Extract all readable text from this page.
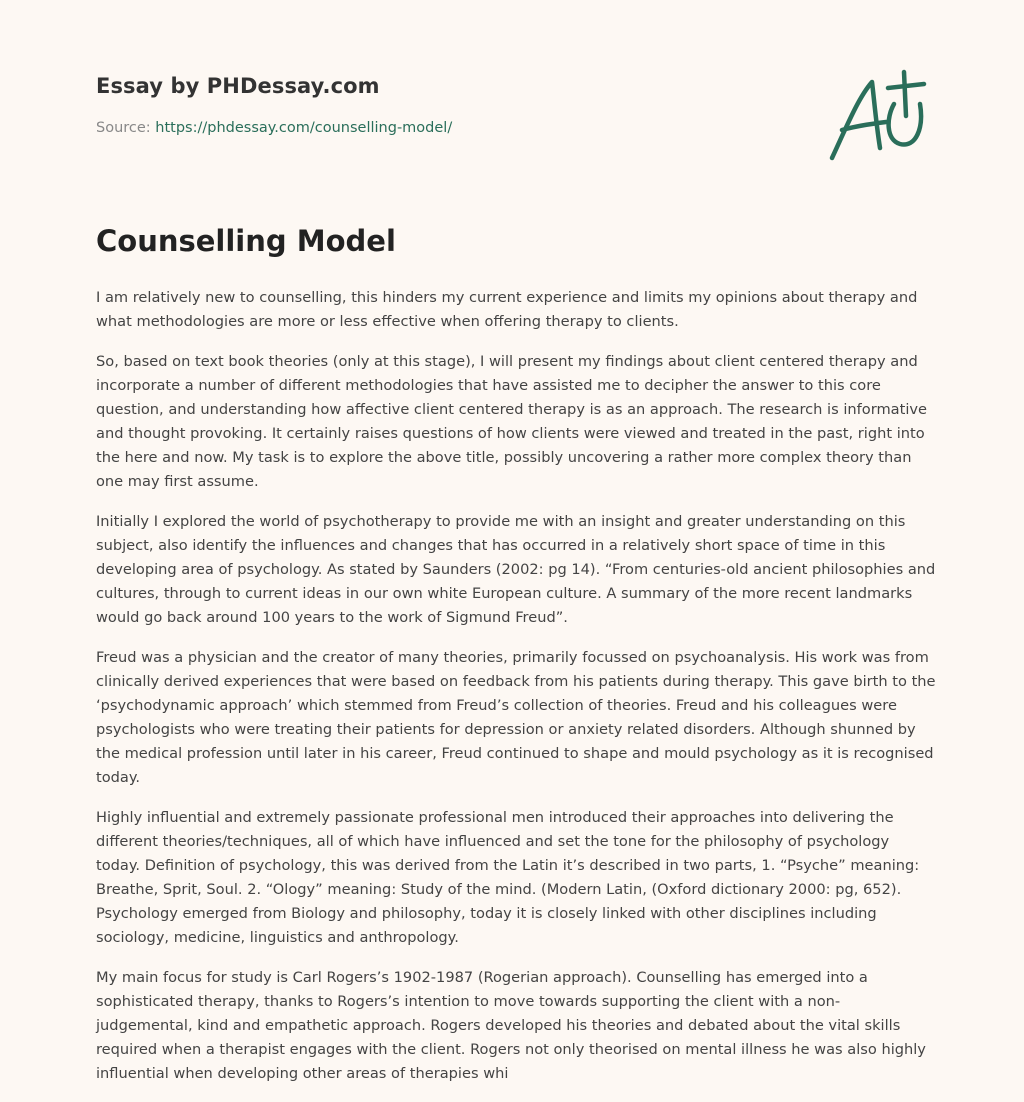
Essay by PHDessay.com
Source: https://phdessay.com/counselling-model/
Counselling Model

I am relatively new to counselling, this hinders my current experience and limits my opinions about therapy and what methodologies are more or less effective when offering therapy to clients.

So, based on text book theories (only at this stage), I will present my findings about client centered therapy and incorporate a number of different methodologies that have assisted me to decipher the answer to this core question, and understanding how affective client centered therapy is as an approach. The research is informative and thought provoking. It certainly raises questions of how clients were viewed and treated in the past, right into the here and now. My task is to explore the above title, possibly uncovering a rather more complex theory than one may first assume.

Initially I explored the world of psychotherapy to provide me with an insight and greater understanding on this subject, also identify the influences and changes that has occurred in a relatively short space of time in this developing area of psychology. As stated by Saunders (2002: pg 14). “From centuries-old ancient philosophies and cultures, through to current ideas in our own white European culture. A summary of the more recent landmarks would go back around 100 years to the work of Sigmund Freud”.

Freud was a physician and the creator of many theories, primarily focussed on psychoanalysis. His work was from clinically derived experiences that were based on feedback from his patients during therapy. This gave birth to the ‘psychodynamic approach’ which stemmed from Freud’s collection of theories. Freud and his colleagues were psychologists who were treating their patients for depression or anxiety related disorders. Although shunned by the medical profession until later in his career, Freud continued to shape and mould psychology as it is recognised today.

Highly influential and extremely passionate professional men introduced their approaches into delivering the different theories/techniques, all of which have influenced and set the tone for the philosophy of psychology today. Definition of psychology, this was derived from the Latin it’s described in two parts, 1. “Psyche” meaning: Breathe, Sprit, Soul. 2. “Ology” meaning: Study of the mind. (Modern Latin, (Oxford dictionary 2000: pg, 652). Psychology emerged from Biology and philosophy, today it is closely linked with other disciplines including sociology, medicine, linguistics and anthropology.

My main focus for study is Carl Rogers’s 1902-1987 (Rogerian approach). Counselling has emerged into a sophisticated therapy, thanks to Rogers’s intention to move towards supporting the client with a non-judgemental, kind and empathetic approach. Rogers developed his theories and debated about the vital skills required when a therapist engages with the client. Rogers not only theorised on mental illness he was also highly influential when developing other areas of therapies whi
